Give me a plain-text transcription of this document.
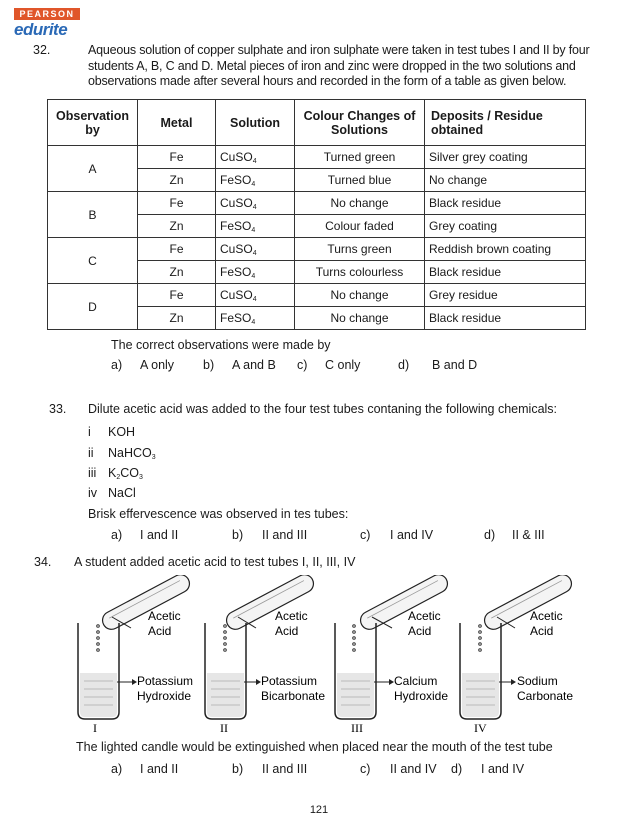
PEARSON
edurite
32.	Aqueous solution of copper sulphate and iron sulphate were taken in test tubes I and II by four
students A, B, C and D. Metal pieces of iron and zinc were dropped in the two solutions and
observations made after several hours and recorded in the form of a table as given below.
Observation by	Metal	Solution	Colour Changes of Solutions	Deposits / Residue obtained
A	Fe	CuSO$_4$	Turned green	Silver grey coating
	Zn	FeSO$_4$	Turned blue	No change
B	Fe	CuSO$_4$	No change	Black residue
	Zn	FeSO$_4$	Colour faded	Grey coating
C	Fe	CuSO$_4$	Turns green	Reddish brown coating
	Zn	FeSO$_4$	Turns colourless	Black residue
D	Fe	CuSO$_4$	No change	Grey residue
	Zn	FeSO$_4$	No change	Black residue
The correct observations were made by
a) A only b) A and B c) C only	d) B and D
33. Dilute acetic acid was added to the four test tubes contaning the following chemicals:
i KOH
ii NaHCO$_3$
iii $K_2CO_3$
iv NaCl
Brisk effervescence was observed in tes tubes:
a) I and II	b) II and III	c) I and IV	d) II & III
34. A student added acetic acid to test tubes I, II, III, IV
Acetic
Acid
Potassium
Hydroxide
I
Acetic
Acid
Potassium
Bicarbonate
II
Acetic
Acid
Calcium
Hydroxide
III
Acetic
Acid
Sodium
Carbonate
IV
The lighted candle would be extinguished when placed near the mouth of the test tube
a) I and II	b) II and III	c) II and IV d) I and IV
121
